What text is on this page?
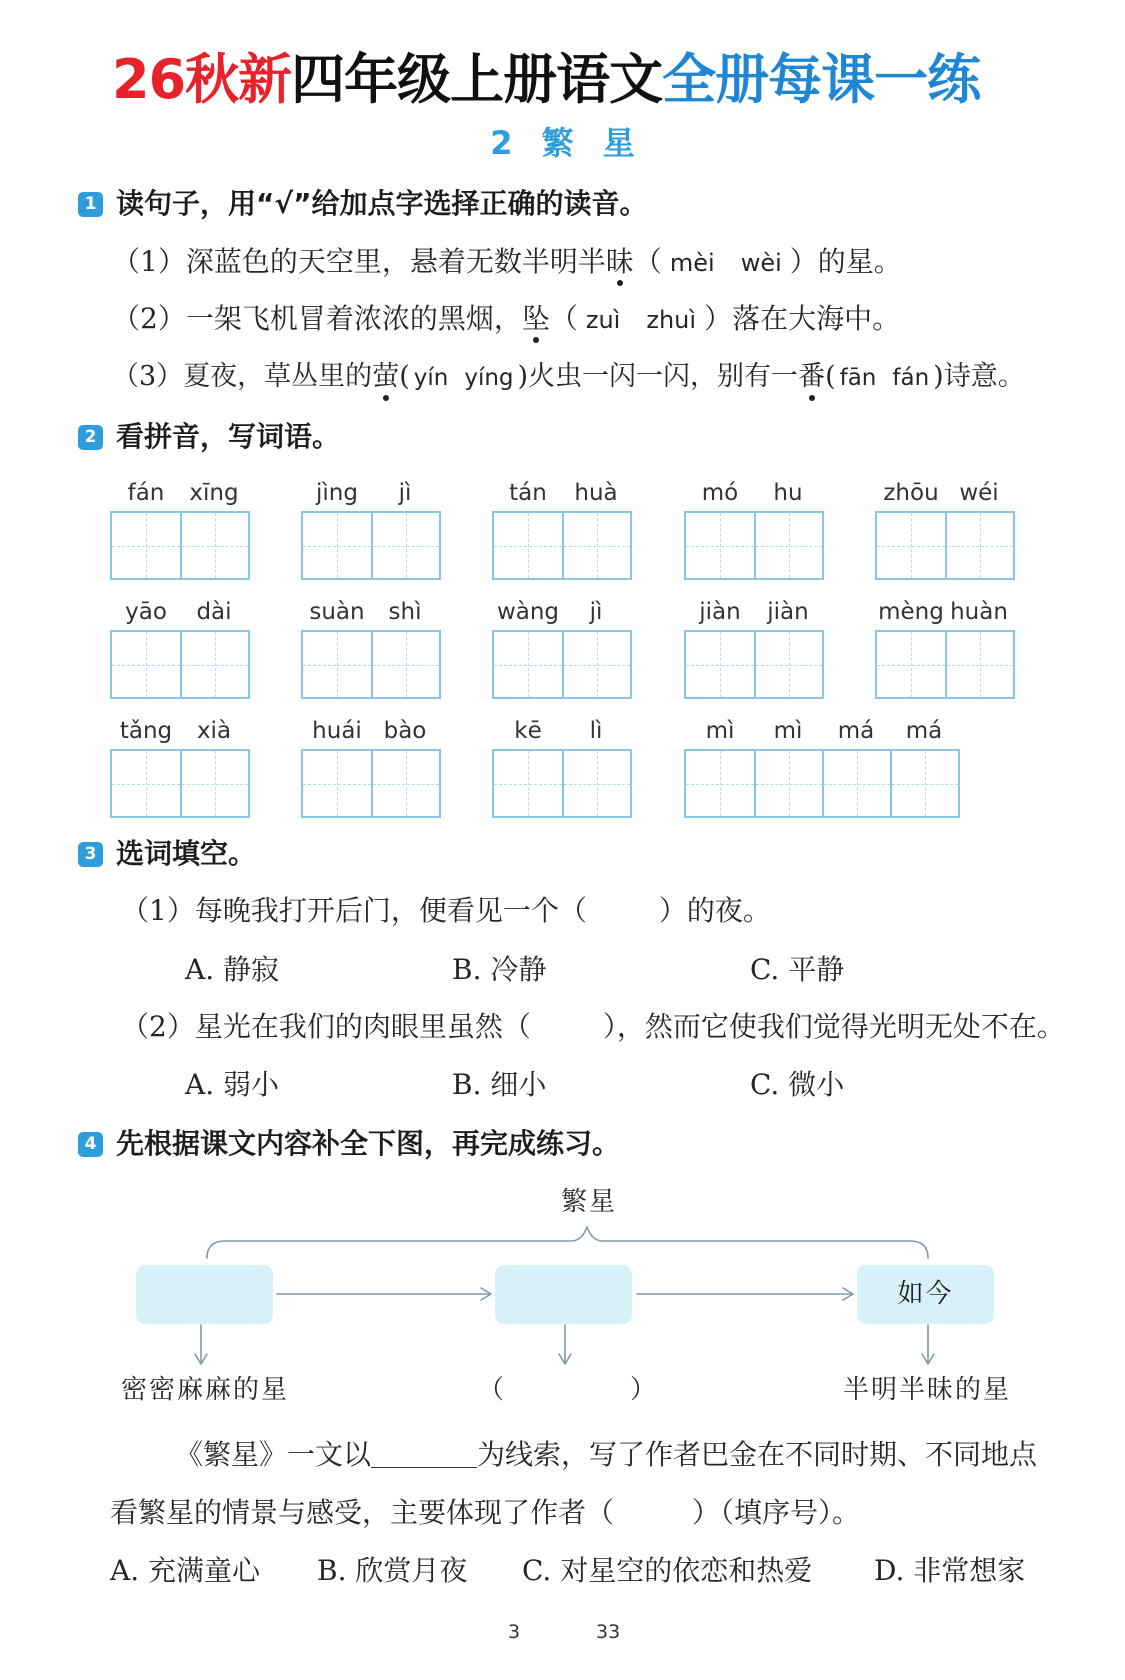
26秋新四年级上册语文全册每课一练
2 繁 星
1 读句子，用“√”给加点字选择正确的读音。
（1）深蓝色的天空里，悬着无数半明半昧（ mèi wèi ）的星。
（2）一架飞机冒着浓浓的黑烟，坠（ zuì zhuì ）落在大海中。
（3）夏夜，草丛里的萤( yín yíng )火虫一闪一闪，别有一番( fān fán )诗意。
2 看拼音，写词语。
fán	xīng	jìng	jì	tán	huà	mó	hu	zhōu wéi
yāo	dài	suàn	shì	wàng	jì	jiàn	jiàn	mèng huàn
tǎng	xià	huái bào	kē	lì	mì	mì	má	má
3 选词填空。
（1）每晚我打开后门，便看见一个（	）的夜。
A. 静寂	B. 冷静	C. 平静
（2）星光在我们的肉眼里虽然（	），然而它使我们觉得光明无处不在。
A. 弱小	B. 细小	C. 微小
4 先根据课文内容补全下图，再完成练习。
繁星
如今
密密麻麻的星	（	）	半明半昧的星
《繁星》一文以	为线索，写了作者巴金在不同时期、不同地点
看繁星的情景与感受，主要体现了作者（	）（填序号）。
A. 充满童心 B. 欣赏月夜 C. 对星空的依恋和热爱 D. 非常想家
3	33
